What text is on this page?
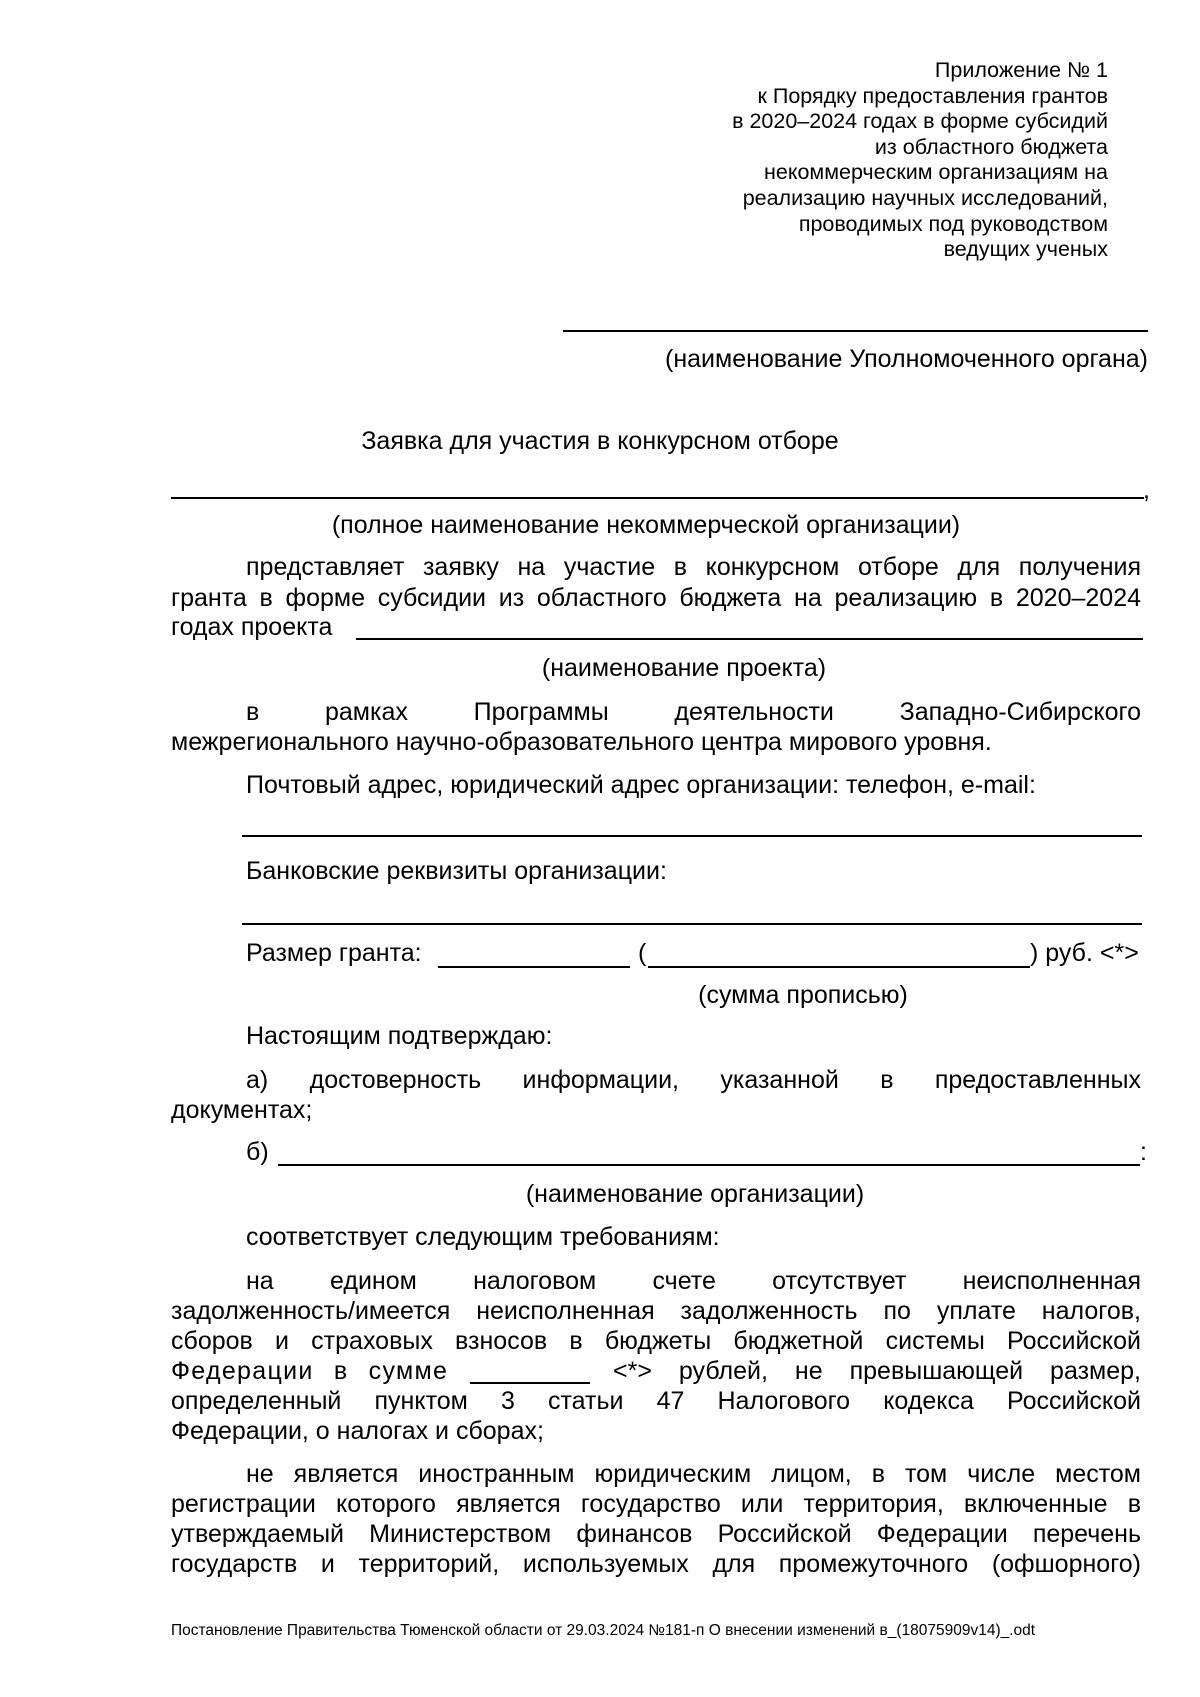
Приложение № 1
к Порядку предоставления грантов
в 2020–2024 годах в форме субсидий
из областного бюджета
некоммерческим организациям на
реализацию научных исследований,
проводимых под руководством
ведущих ученых
(наименование Уполномоченного органа)
Заявка для участия в конкурсном отборе
,
(полное наименование некоммерческой организации)
представляет заявку на участие в конкурсном отборе для получения
гранта в форме субсидии из областного бюджета на реализацию в 2020–2024
годах проекта
(наименование проекта)
в рамках Программы деятельности Западно-Сибирского
межрегионального научно-образовательного центра мирового уровня.
Почтовый адрес, юридический адрес организации: телефон, e-mail:
Банковские реквизиты организации:
Размер гранта:	(	) руб. <*>
(сумма прописью)
Настоящим подтверждаю:
а) достоверность информации, указанной в предоставленных
документах;
б)	:
(наименование организации)
соответствует следующим требованиям:
на едином налоговом счете отсутствует неисполненная
задолженность/имеется неисполненная задолженность по уплате налогов,
сборов и страховых взносов в бюджеты бюджетной системы Российской
Федерации в сумме	<*> рублей, не превышающей размер,
определенный пунктом 3 статьи 47 Налогового кодекса Российской
Федерации, о налогах и сборах;
не является иностранным юридическим лицом, в том числе местом
регистрации которого является государство или территория, включенные в
утверждаемый Министерством финансов Российской Федерации перечень
государств и территорий, используемых для промежуточного (офшорного)
Постановление Правительства Тюменской области от 29.03.2024 №181-п О внесении изменений в_(18075909v14)_.odt
